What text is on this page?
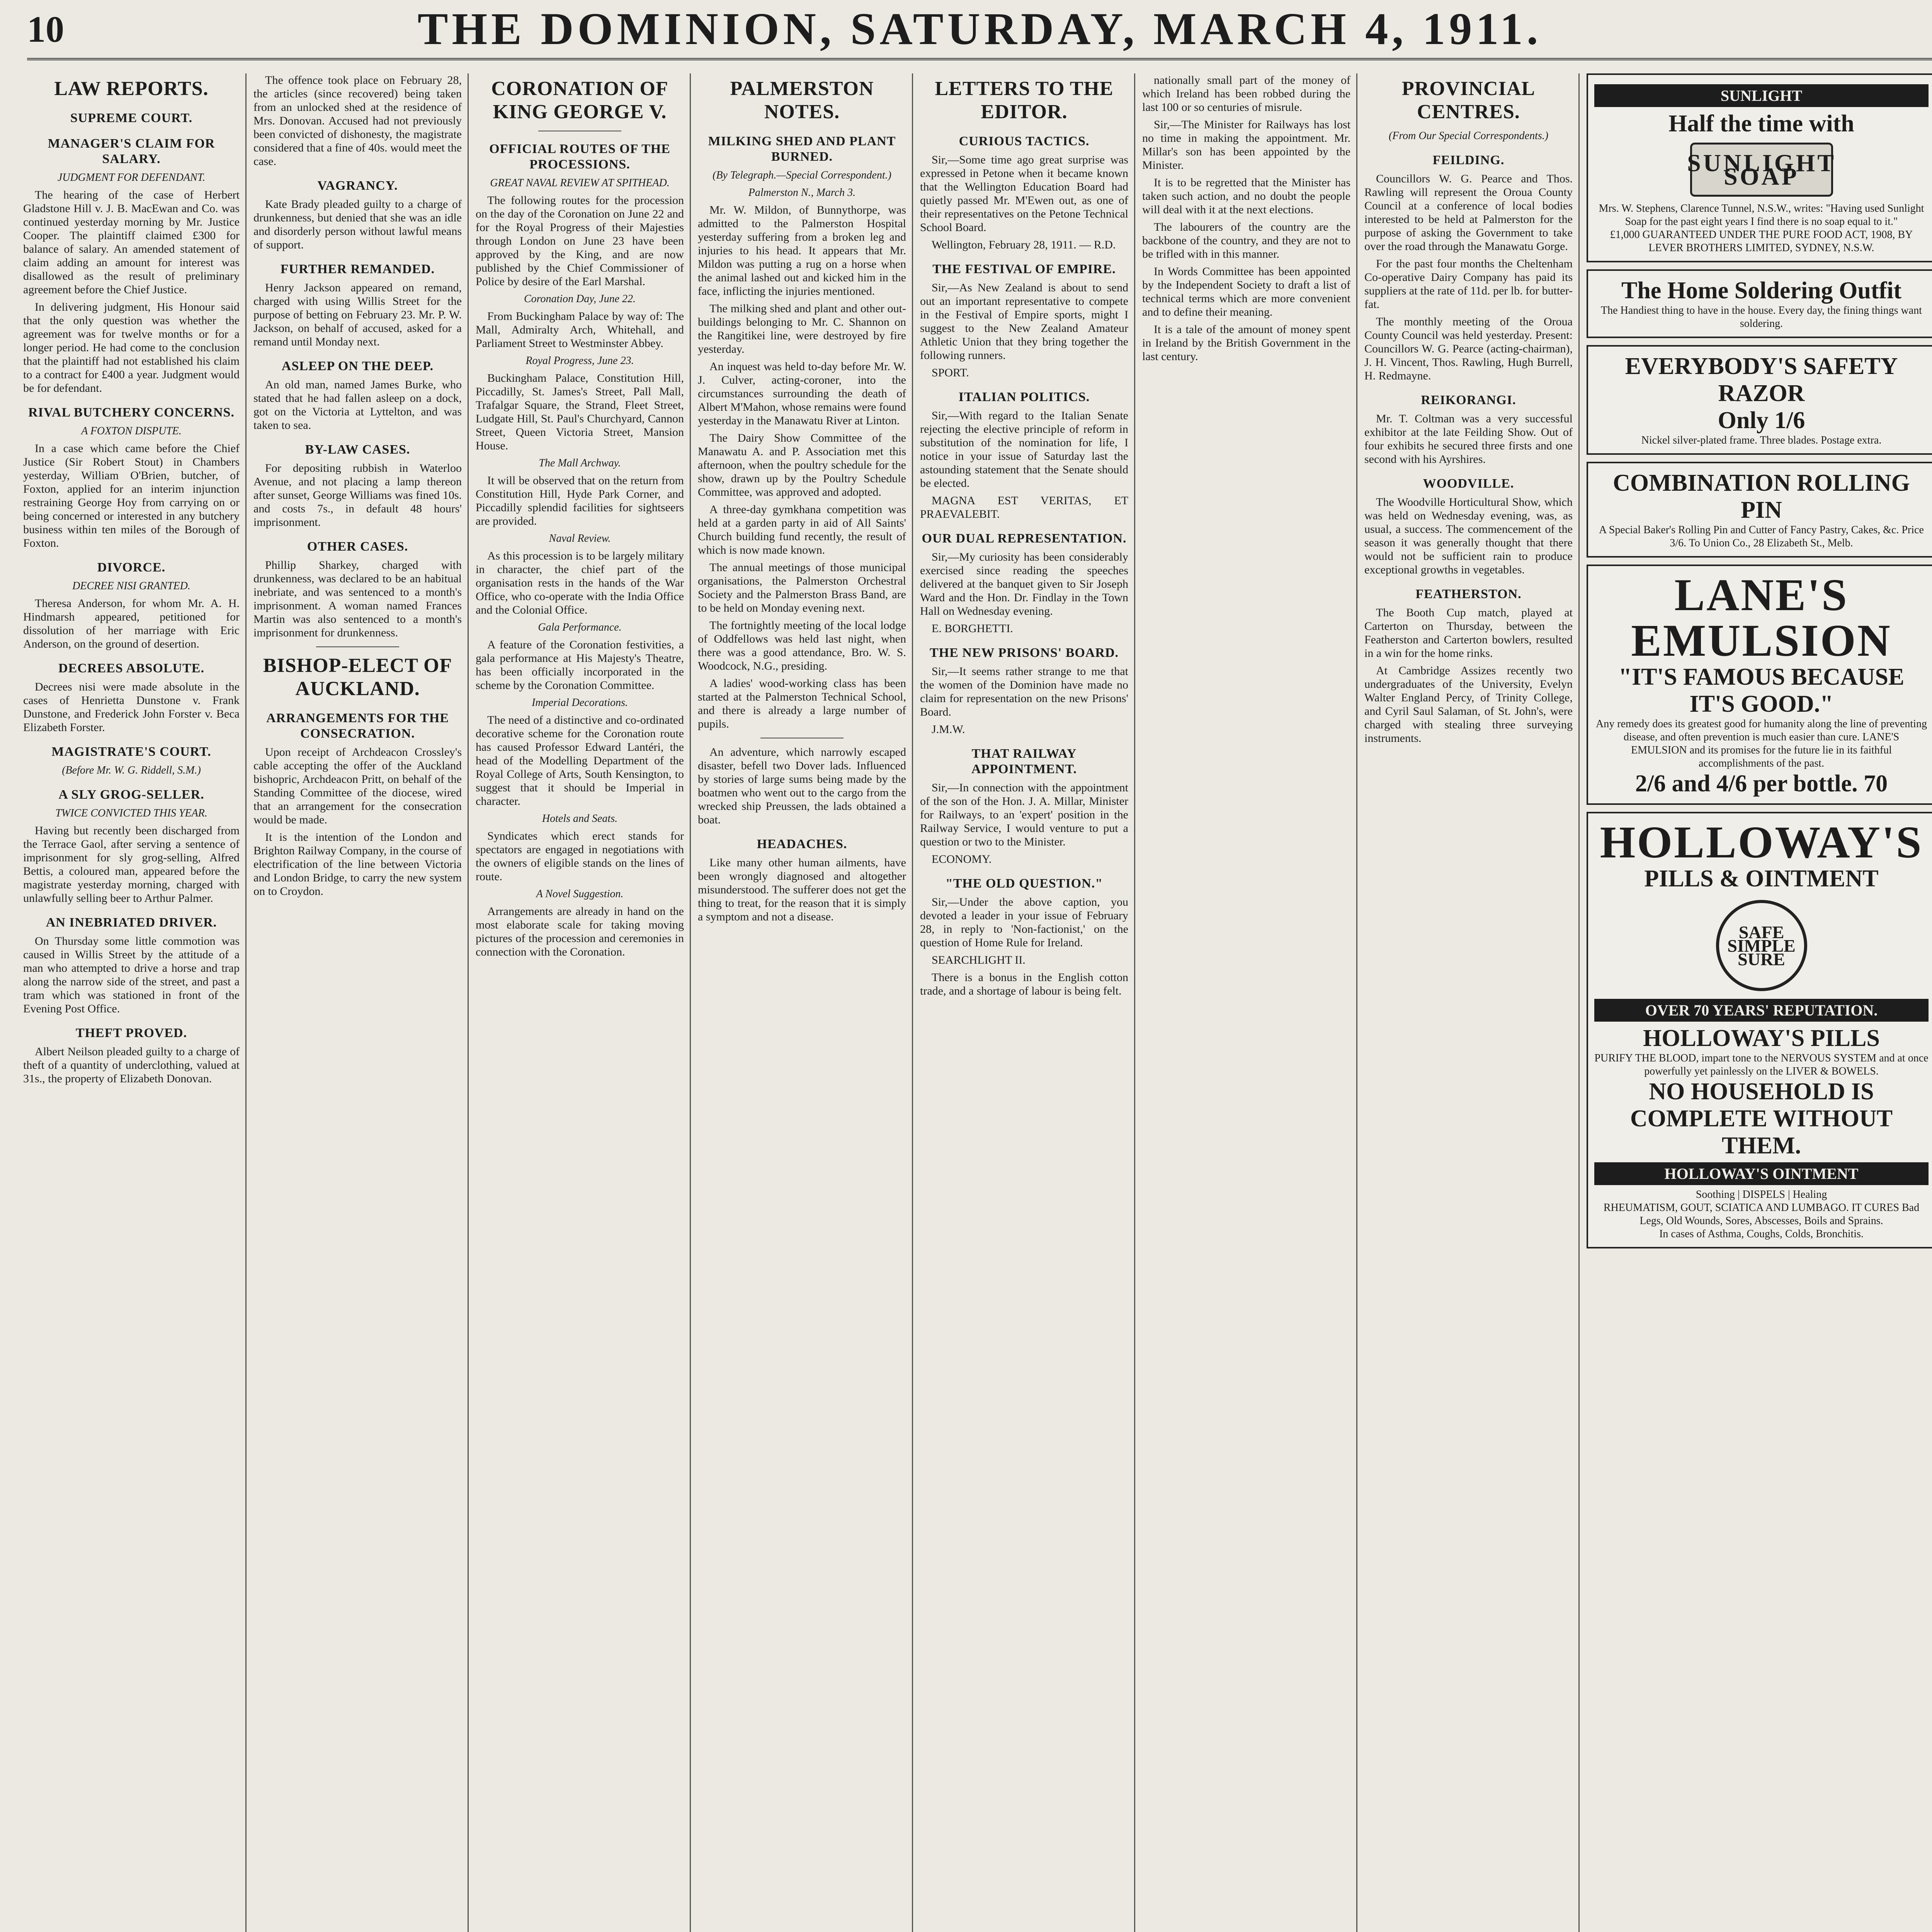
10	THE DOMINION, SATURDAY, MARCH 4, 1911.
LAW REPORTS.
SUPREME COURT.
MANAGER'S CLAIM FOR SALARY.
JUDGMENT FOR DEFENDANT.

The hearing of the case of Herbert Gladstone Hill v. J. B. MacEwan and Co. was continued yesterday morning by Mr. Justice Cooper. The plaintiff claimed £300 for balance of salary. An amended statement of claim adding an amount for interest was disallowed as the result of preliminary agreement before the Chief Justice.

In delivering judgment, His Honour said that the only question was whether the agreement was for twelve months or for a longer period. He had come to the conclusion that the plaintiff had not established his claim to a contract for £400 a year. Judgment would be for defendant.

RIVAL BUTCHERY CONCERNS.
A FOXTON DISPUTE.

In a case which came before the Chief Justice (Sir Robert Stout) in Chambers yesterday, William O'Brien, butcher, of Foxton, applied for an interim injunction restraining George Hoy from carrying on or being concerned or interested in any butchery business within ten miles of the Borough of Foxton.

DIVORCE.
DECREE NISI GRANTED.

Theresa Anderson, for whom Mr. A. H. Hindmarsh appeared, petitioned for dissolution of her marriage with Eric Anderson, on the ground of desertion.

DECREES ABSOLUTE.

Decrees nisi were made absolute in the cases of Henrietta Dunstone v. Frank Dunstone, and Frederick John Forster v. Beca Elizabeth Forster.

MAGISTRATE'S COURT.
(Before Mr. W. G. Riddell, S.M.)
A SLY GROG-SELLER.
TWICE CONVICTED THIS YEAR.

Having but recently been discharged from the Terrace Gaol, after serving a sentence of imprisonment for sly grog-selling, Alfred Bettis, a coloured man, appeared before the magistrate yesterday morning, charged with unlawfully selling beer to Arthur Palmer.

AN INEBRIATED DRIVER.

On Thursday some little commotion was caused in Willis Street by the attitude of a man who attempted to drive a horse and trap along the narrow side of the street, and past a tram which was stationed in front of the Evening Post Office.

THEFT PROVED.

Albert Neilson pleaded guilty to a charge of theft of a quantity of underclothing, valued at 31s., the property of Elizabeth Donovan.

The offence took place on February 28, the articles (since recovered) being taken from an unlocked shed at the residence of Mrs. Donovan. Accused had not previously been convicted of dishonesty, the magistrate considered that a fine of 40s. would meet the case.

VAGRANCY.

Kate Brady pleaded guilty to a charge of drunkenness, but denied that she was an idle and disorderly person without lawful means of support.

FURTHER REMANDED.

Henry Jackson appeared on remand, charged with using Willis Street for the purpose of betting on February 23. Mr. P. W. Jackson, on behalf of accused, asked for a remand until Monday next.

ASLEEP ON THE DEEP.

An old man, named James Burke, who stated that he had fallen asleep on a dock, got on the Victoria at Lyttelton, and was taken to sea.

BY-LAW CASES.

For depositing rubbish in Waterloo Avenue, and not placing a lamp thereon after sunset, George Williams was fined 10s. and costs 7s., in default 48 hours' imprisonment.

OTHER CASES.

Phillip Sharkey, charged with drunkenness, was declared to be an habitual inebriate, and was sentenced to a month's imprisonment. A woman named Frances Martin was also sentenced to a month's imprisonment for drunkenness.

BISHOP-ELECT OF AUCKLAND.
ARRANGEMENTS FOR THE CONSECRATION.

Upon receipt of Archdeacon Crossley's cable accepting the offer of the Auckland bishopric, Archdeacon Pritt, on behalf of the Standing Committee of the diocese, wired that an arrangement for the consecration would be made.

It is the intention of the London and Brighton Railway Company, in the course of electrification of the line between Victoria and London Bridge, to carry the new system on to Croydon.

CORONATION OF KING GEORGE V.
OFFICIAL ROUTES OF THE PROCESSIONS.
GREAT NAVAL REVIEW AT SPITHEAD.

The following routes for the procession on the day of the Coronation on June 22 and for the Royal Progress of their Majesties through London on June 23 have been approved by the King, and are now published by the Chief Commissioner of Police by desire of the Earl Marshal.

Coronation Day, June 22.

From Buckingham Palace by way of: The Mall, Admiralty Arch, Whitehall, and Parliament Street to Westminster Abbey.

Royal Progress, June 23.

Buckingham Palace, Constitution Hill, Piccadilly, St. James's Street, Pall Mall, Trafalgar Square, the Strand, Fleet Street, Ludgate Hill, St. Paul's Churchyard, Cannon Street, Queen Victoria Street, Mansion House.

The Mall Archway.

It will be observed that on the return from Constitution Hill, Hyde Park Corner, and Piccadilly splendid facilities for sightseers are provided.

Naval Review.

As this procession is to be largely military in character, the chief part of the organisation rests in the hands of the War Office, who co-operate with the India Office and the Colonial Office.

Gala Performance.

A feature of the Coronation festivities, a gala performance at His Majesty's Theatre, has been officially incorporated in the scheme by the Coronation Committee.

Imperial Decorations.

The need of a distinctive and co-ordinated decorative scheme for the Coronation route has caused Professor Edward Lantéri, the head of the Modelling Department of the Royal College of Arts, South Kensington, to suggest that it should be Imperial in character.

Hotels and Seats.

Syndicates which erect stands for spectators are engaged in negotiations with the owners of eligible stands on the lines of route.

A Novel Suggestion.

Arrangements are already in hand on the most elaborate scale for taking moving pictures of the procession and ceremonies in connection with the Coronation.

PALMERSTON NOTES.
MILKING SHED AND PLANT BURNED.
(By Telegraph.—Special Correspondent.)
Palmerston N., March 3.

Mr. W. Mildon, of Bunnythorpe, was admitted to the Palmerston Hospital yesterday suffering from a broken leg and injuries to his head. It appears that Mr. Mildon was putting a rug on a horse when the animal lashed out and kicked him in the face, inflicting the injuries mentioned.

The milking shed and plant and other out-buildings belonging to Mr. C. Shannon on the Rangitikei line, were destroyed by fire yesterday.

An inquest was held to-day before Mr. W. J. Culver, acting-coroner, into the circumstances surrounding the death of Albert M'Mahon, whose remains were found yesterday in the Manawatu River at Linton.

The Dairy Show Committee of the Manawatu A. and P. Association met this afternoon, when the poultry schedule for the show, drawn up by the Poultry Schedule Committee, was approved and adopted.

A three-day gymkhana competition was held at a garden party in aid of All Saints' Church building fund recently, the result of which is now made known.

The annual meetings of those municipal organisations, the Palmerston Orchestral Society and the Palmerston Brass Band, are to be held on Monday evening next.

The fortnightly meeting of the local lodge of Oddfellows was held last night, when there was a good attendance, Bro. W. S. Woodcock, N.G., presiding.

A ladies' wood-working class has been started at the Palmerston Technical School, and there is already a large number of pupils.

An adventure, which narrowly escaped disaster, befell two Dover lads. Influenced by stories of large sums being made by the boatmen who went out to the cargo from the wrecked ship Preussen, the lads obtained a boat.

HEADACHES.

Like many other human ailments, have been wrongly diagnosed and altogether misunderstood. The sufferer does not get the thing to treat, for the reason that it is simply a symptom and not a disease.

LETTERS TO THE EDITOR.
CURIOUS TACTICS.

Sir,—Some time ago great surprise was expressed in Petone when it became known that the Wellington Education Board had quietly passed Mr. M'Ewen out, as one of their representatives on the Petone Technical School Board.

Wellington, February 28, 1911. — R.D.

THE FESTIVAL OF EMPIRE.

Sir,—As New Zealand is about to send out an important representative to compete in the Festival of Empire sports, might I suggest to the New Zealand Amateur Athletic Union that they bring together the following runners.

SPORT.

ITALIAN POLITICS.

Sir,—With regard to the Italian Senate rejecting the elective principle of reform in substitution of the nomination for life, I notice in your issue of Saturday last the astounding statement that the Senate should be elected.

MAGNA EST VERITAS, ET PRAEVALEBIT.

OUR DUAL REPRESENTATION.

Sir,—My curiosity has been considerably exercised since reading the speeches delivered at the banquet given to Sir Joseph Ward and the Hon. Dr. Findlay in the Town Hall on Wednesday evening.

E. BORGHETTI.

THE NEW PRISONS' BOARD.

Sir,—It seems rather strange to me that the women of the Dominion have made no claim for representation on the new Prisons' Board.

J.M.W.

THAT RAILWAY APPOINTMENT.

Sir,—In connection with the appointment of the son of the Hon. J. A. Millar, Minister for Railways, to an 'expert' position in the Railway Service, I would venture to put a question or two to the Minister.

ECONOMY.

"THE OLD QUESTION."

Sir,—Under the above caption, you devoted a leader in your issue of February 28, in reply to 'Non-factionist,' on the question of Home Rule for Ireland.

SEARCHLIGHT II.

There is a bonus in the English cotton trade, and a shortage of labour is being felt.

nationally small part of the money of which Ireland has been robbed during the last 100 or so centuries of misrule.

Sir,—The Minister for Railways has lost no time in making the appointment. Mr. Millar's son has been appointed by the Minister.

It is to be regretted that the Minister has taken such action, and no doubt the people will deal with it at the next elections.

The labourers of the country are the backbone of the country, and they are not to be trifled with in this manner.

In Words Committee has been appointed by the Independent Society to draft a list of technical terms which are more convenient and to define their meaning.

It is a tale of the amount of money spent in Ireland by the British Government in the last century.

PROVINCIAL CENTRES.
(From Our Special Correspondents.)
FEILDING.

Councillors W. G. Pearce and Thos. Rawling will represent the Oroua County Council at a conference of local bodies interested to be held at Palmerston for the purpose of asking the Government to take over the road through the Manawatu Gorge.

For the past four months the Cheltenham Co-operative Dairy Company has paid its suppliers at the rate of 11d. per lb. for butter-fat.

The monthly meeting of the Oroua County Council was held yesterday. Present: Councillors W. G. Pearce (acting-chairman), J. H. Vincent, Thos. Rawling, Hugh Burrell, H. Redmayne.

REIKORANGI.

Mr. T. Coltman was a very successful exhibitor at the late Feilding Show. Out of four exhibits he secured three firsts and one second with his Ayrshires.

WOODVILLE.

The Woodville Horticultural Show, which was held on Wednesday evening, was, as usual, a success. The commencement of the season it was generally thought that there would not be sufficient rain to produce exceptional growths in vegetables.

FEATHERSTON.

The Booth Cup match, played at Carterton on Thursday, between the Featherston and Carterton bowlers, resulted in a win for the home rinks.

At Cambridge Assizes recently two undergraduates of the University, Evelyn Walter England Percy, of Trinity College, and Cyril Saul Salaman, of St. John's, were charged with stealing three surveying instruments.

SUNLIGHT
Half the time with
SUNLIGHT SOAP
Mrs. W. Stephens, Clarence Tunnel, N.S.W., writes: "Having used Sunlight Soap for the past eight years I find there is no soap equal to it."
£1,000 GUARANTEED UNDER THE PURE FOOD ACT, 1908, BY LEVER BROTHERS LIMITED, SYDNEY, N.S.W.
The Home Soldering Outfit
The Handiest thing to have in the house. Every day, the fining things want soldering.
EVERYBODY'S SAFETY RAZOR
Only 1/6
Nickel silver-plated frame. Three blades. Postage extra.
COMBINATION ROLLING PIN
A Special Baker's Rolling Pin and Cutter of Fancy Pastry, Cakes, &c. Price 3/6. To Union Co., 28 Elizabeth St., Melb.
LANE'S
EMULSION
"IT'S FAMOUS BECAUSE IT'S GOOD."
Any remedy does its greatest good for humanity along the line of preventing disease, and often prevention is much easier than cure. LANE'S EMULSION and its promises for the future lie in its faithful accomplishments of the past.
2/6 and 4/6 per bottle. 70
HOLLOWAY'S
PILLS & OINTMENT
SAFE SIMPLE SURE
OVER 70 YEARS' REPUTATION.
HOLLOWAY'S PILLS
PURIFY THE BLOOD, impart tone to the NERVOUS SYSTEM and at once powerfully yet painlessly on the LIVER & BOWELS.
NO HOUSEHOLD IS COMPLETE WITHOUT THEM.
HOLLOWAY'S OINTMENT
Soothing | DISPELS | Healing
RHEUMATISM, GOUT, SCIATICA AND LUMBAGO. IT CURES Bad Legs, Old Wounds, Sores, Abscesses, Boils and Sprains.
In cases of Asthma, Coughs, Colds, Bronchitis.
